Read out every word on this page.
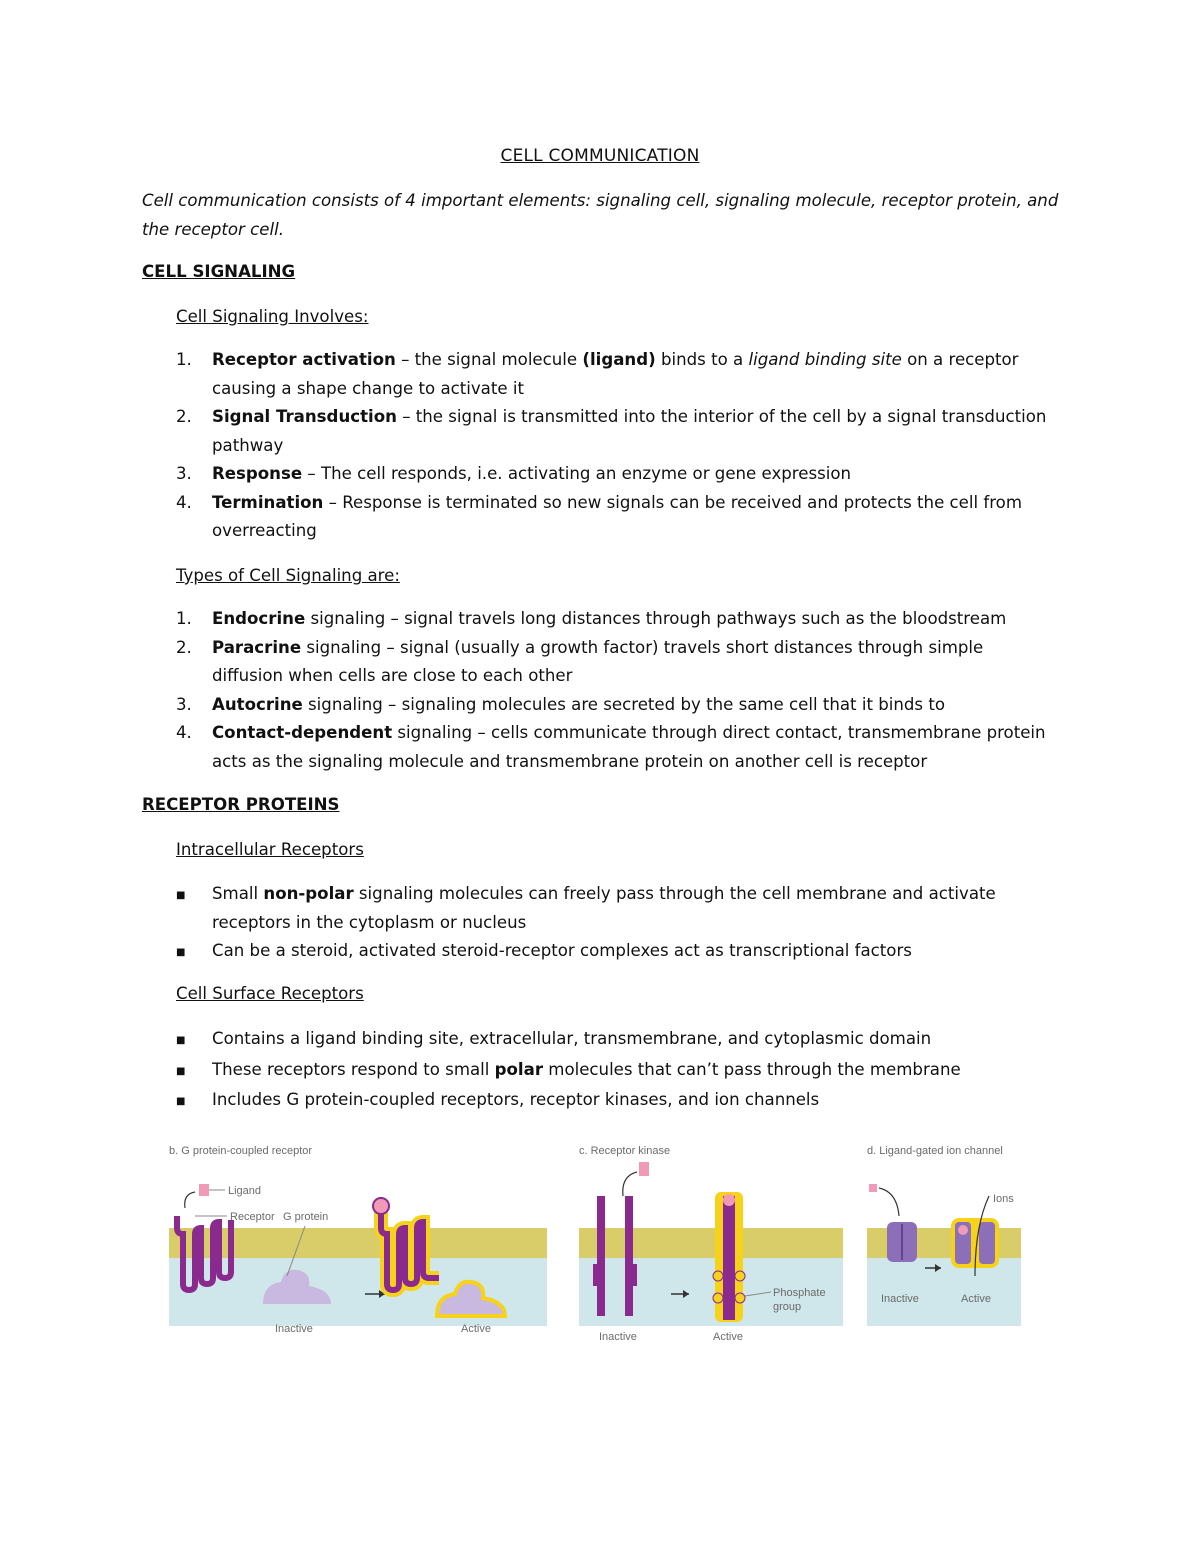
CELL COMMUNICATION
Cell communication consists of 4 important elements: signaling cell, signaling molecule, receptor protein, and the receptor cell.
CELL SIGNALING
Cell Signaling Involves:
1.	Receptor activation – the signal molecule (ligand) binds to a ligand binding site on a receptor causing a shape change to activate it
2.	Signal Transduction – the signal is transmitted into the interior of the cell by a signal transduction pathway
3.	Response – The cell responds, i.e. activating an enzyme or gene expression
4.	Termination – Response is terminated so new signals can be received and protects the cell from overreacting
Types of Cell Signaling are:
1.	Endocrine signaling – signal travels long distances through pathways such as the bloodstream
2.	Paracrine signaling – signal (usually a growth factor) travels short distances through simple diffusion when cells are close to each other
3.	Autocrine signaling – signaling molecules are secreted by the same cell that it binds to
4.	Contact-dependent signaling – cells communicate through direct contact, transmembrane protein acts as the signaling molecule and transmembrane protein on another cell is receptor
RECEPTOR PROTEINS
Intracellular Receptors
■	Small non-polar signaling molecules can freely pass through the cell membrane and activate receptors in the cytoplasm or nucleus
■	Can be a steroid, activated steroid-receptor complexes act as transcriptional factors
Cell Surface Receptors
■	Contains a ligand binding site, extracellular, transmembrane, and cytoplasmic domain
■	These receptors respond to small polar molecules that can’t pass through the membrane
■	Includes G protein-coupled receptors, receptor kinases, and ion channels
b. G protein-coupled receptor
Ligand
Receptor G protein
Inactive	Active
c. Receptor kinase
Inactive
Phosphate
group
Active
d. Ligand-gated ion channel
Inactive
Ions
Active
